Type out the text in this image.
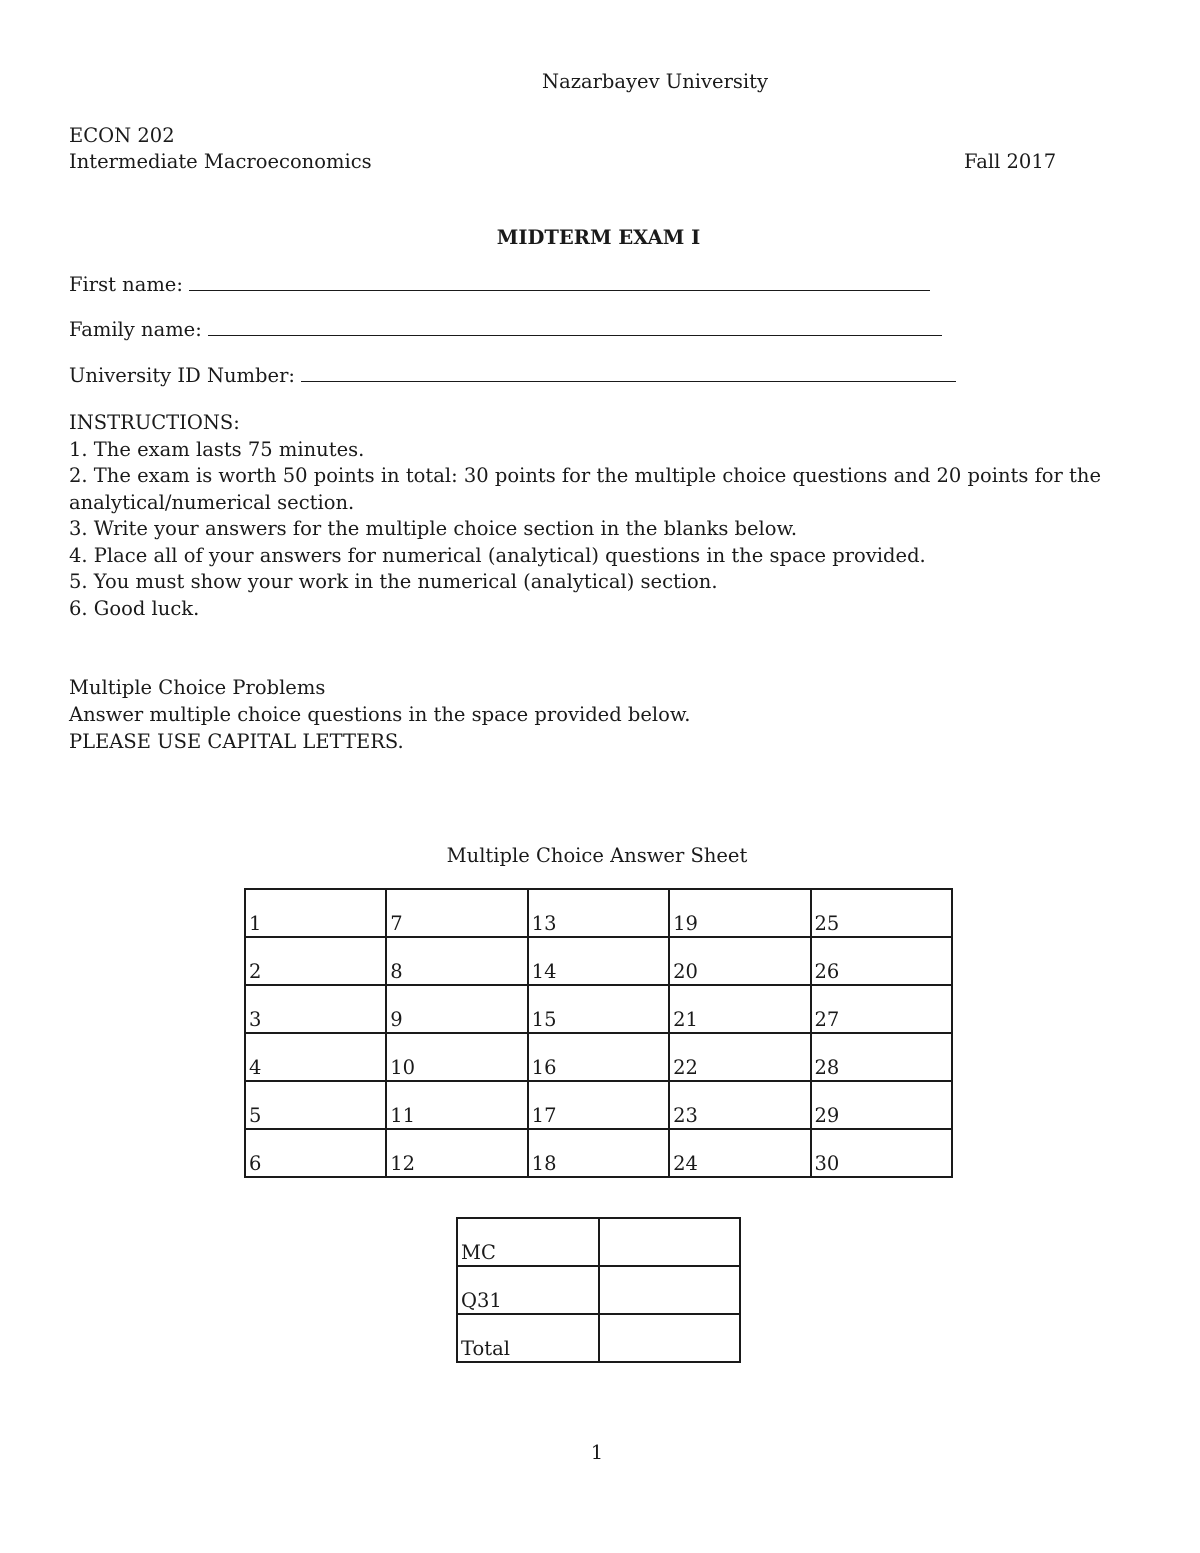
Nazarbayev University
ECON 202
Intermediate Macroeconomics	Fall 2017
MIDTERM EXAM I
First name:
Family name:
University ID Number:

INSTRUCTIONS:

1. The exam lasts 75 minutes.

2. The exam is worth 50 points in total: 30 points for the multiple choice questions and 20 points for the analytical/numerical section.

3. Write your answers for the multiple choice section in the blanks below.

4. Place all of your answers for numerical (analytical) questions in the space provided.

5. You must show your work in the numerical (analytical) section.

6. Good luck.

Multiple Choice Problems

Answer multiple choice questions in the space provided below.

PLEASE USE CAPITAL LETTERS.

Multiple Choice Answer Sheet
1	7	13	19	25
2	8	14	20	26
3	9	15	21	27
4	10	16	22	28
5	11	17	23	29
6	12	18	24	30
MC	
Q31	
Total	
1
